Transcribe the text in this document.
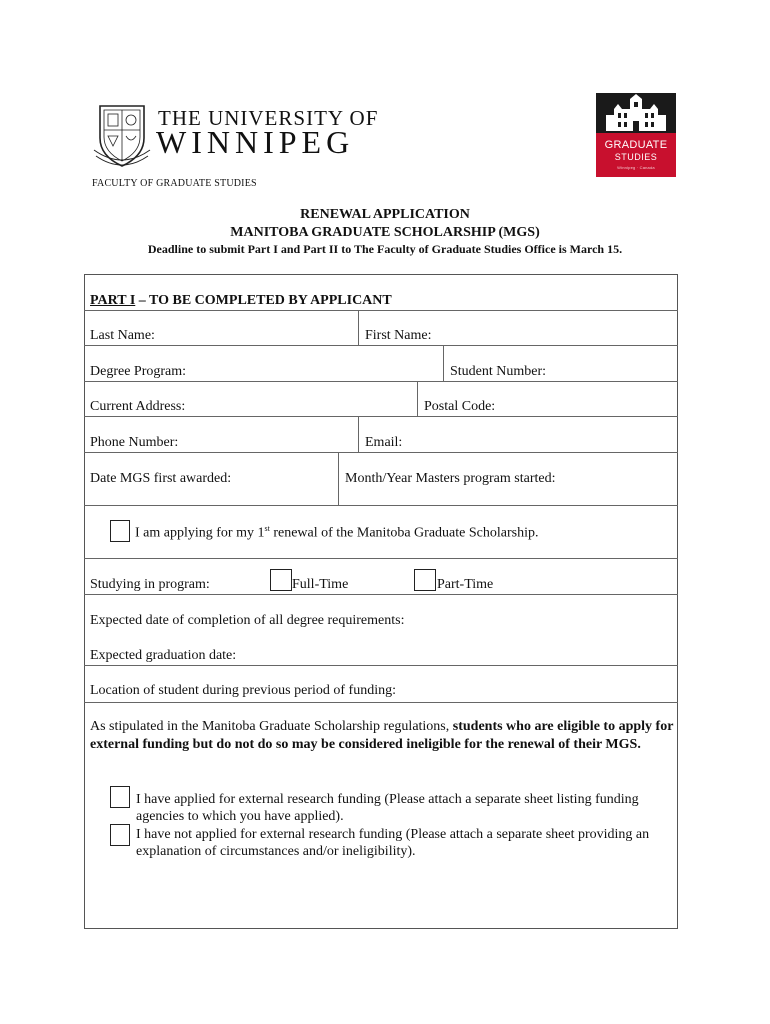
THE UNIVERSITY OF
WINNIPEG
FACULTY OF GRADUATE STUDIES
GRADUATE
STUDIES
Winnipeg · Canada
RENEWAL APPLICATION
MANITOBA GRADUATE SCHOLARSHIP (MGS)
Deadline to submit Part I and Part II to The Faculty of Graduate Studies Office is March 15.
PART I – TO BE COMPLETED BY APPLICANT
Last Name:	First Name:
Degree Program:	Student Number:
Current Address:	Postal Code:
Phone Number:	Email:
Date MGS first awarded:	Month/Year Masters program started:
I am applying for my 1st renewal of the Manitoba Graduate Scholarship.
Studying in program:	Full-Time	Part-Time
Expected date of completion of all degree requirements:
Expected graduation date:
Location of student during previous period of funding:
As stipulated in the Manitoba Graduate Scholarship regulations, students who are eligible to apply for external funding but do not do so may be considered ineligible for the renewal of their MGS.
I have applied for external research funding (Please attach a separate sheet listing funding agencies to which you have applied).
I have not applied for external research funding (Please attach a separate sheet providing an explanation of circumstances and/or ineligibility).
